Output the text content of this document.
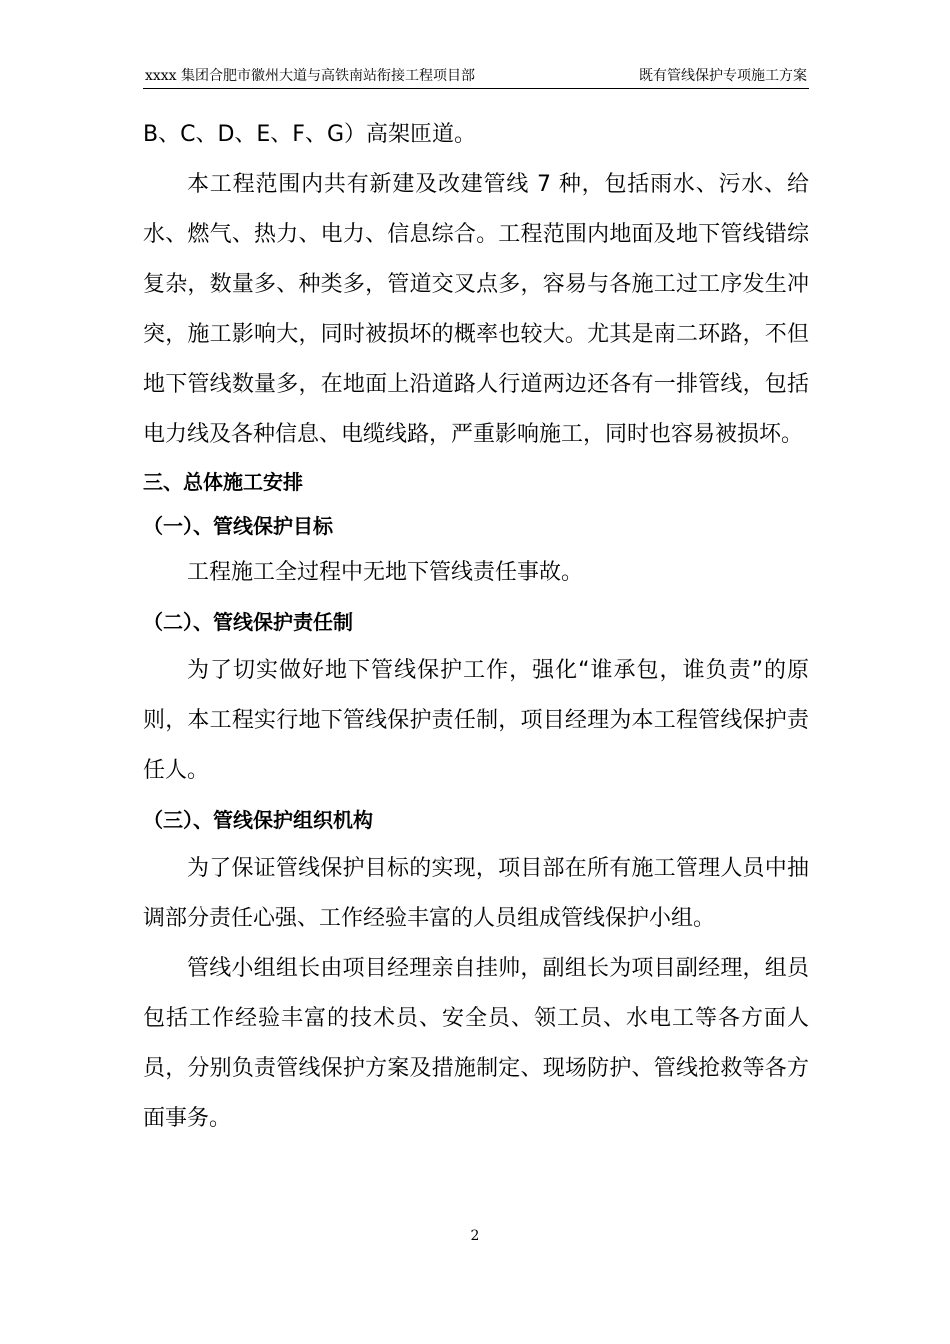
xxxx 集团合肥市徽州大道与高铁南站衔接工程项目部	既有管线保护专项施工方案

B、C、D、E、F、G）高架匝道。

本工程范围内共有新建及改建管线 7 种，包括雨水、污水、给水、燃气、热力、电力、信息综合。工程范围内地面及地下管线错综复杂，数量多、种类多，管道交叉点多，容易与各施工过工序发生冲突，施工影响大，同时被损坏的概率也较大。尤其是南二环路，不但地下管线数量多，在地面上沿道路人行道两边还各有一排管线，包括电力线及各种信息、电缆线路，严重影响施工，同时也容易被损坏。

三、总体施工安排
（一）、管线保护目标

工程施工全过程中无地下管线责任事故。

（二）、管线保护责任制

为了切实做好地下管线保护工作，强化“谁承包，谁负责”的原则，本工程实行地下管线保护责任制，项目经理为本工程管线保护责任人。

（三）、管线保护组织机构

为了保证管线保护目标的实现，项目部在所有施工管理人员中抽调部分责任心强、工作经验丰富的人员组成管线保护小组。

管线小组组长由项目经理亲自挂帅，副组长为项目副经理，组员包括工作经验丰富的技术员、安全员、领工员、水电工等各方面人员，分别负责管线保护方案及措施制定、现场防护、管线抢救等各方面事务。

2
